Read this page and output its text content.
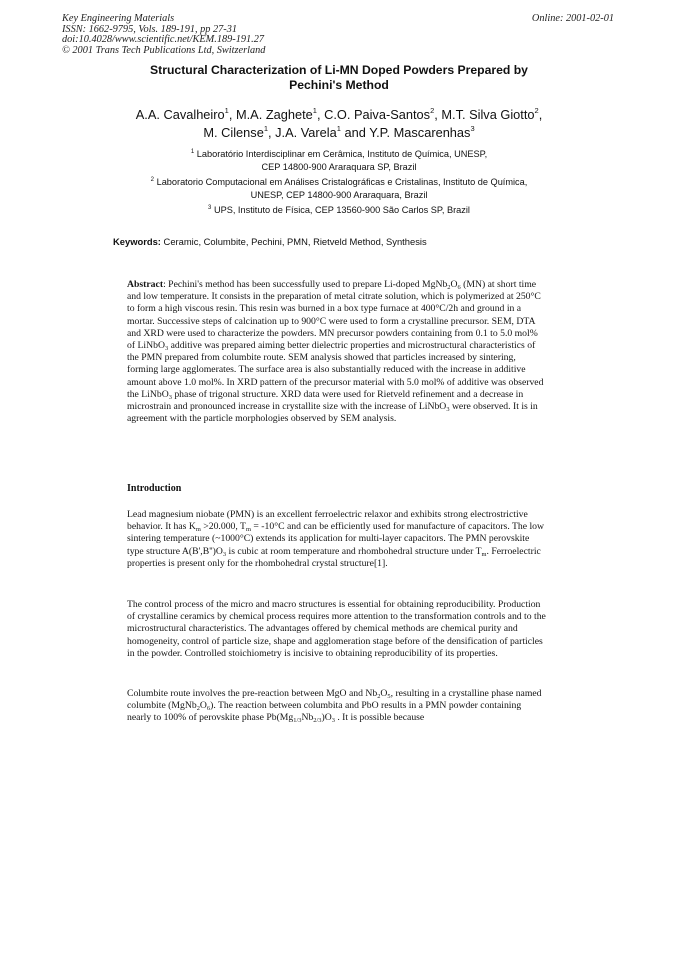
Key Engineering Materials
ISSN: 1662-9795, Vols. 189-191, pp 27-31
doi:10.4028/www.scientific.net/KEM.189-191.27
© 2001 Trans Tech Publications Ltd, Switzerland
Online: 2001-02-01
Structural Characterization of Li-MN Doped Powders Prepared by
Pechini's Method
A.A. Cavalheiro$^1$, M.A. Zaghete$^1$, C.O. Paiva-Santos$^2$, M.T. Silva Giotto$^2$,
M. Cilense$^1$, J.A. Varela$^1$ and Y.P. Mascarenhas$^3$
$^1$ Laboratório Interdisciplinar em Cerâmica, Instituto de Química, UNESP,
CEP 14800-900 Araraquara SP, Brazil
$^2$ Laboratorio Computacional em Análises Cristalográficas e Cristalinas, Instituto de Química,
UNESP, CEP 14800-900 Araraquara, Brazil
$^3$ UPS, Instituto de Física, CEP 13560-900 São Carlos SP, Brazil
Keywords: Ceramic, Columbite, Pechini, PMN, Rietveld Method, Synthesis
Abstract: Pechini's method has been successfully used to prepare Li-doped $MgNb_2O_6$ (MN) at short time and low temperature. It consists in the preparation of metal citrate solution, which is polymerized at 250°C to form a high viscous resin. This resin was burned in a box type furnace at 400°C/2h and ground in a mortar. Successive steps of calcination up to 900°C were used to form a crystalline precursor. SEM, DTA and XRD were used to characterize the powders. MN precursor powders containing from 0.1 to 5.0 mol% of LiNbO$_3$ additive was prepared aiming better dielectric properties and microstructural characteristics of the PMN prepared from columbite route. SEM analysis showed that particles increased by sintering, forming large agglomerates. The surface area is also substantially reduced with the increase in additive amount above 1.0 mol%. In XRD pattern of the precursor material with 5.0 mol% of additive was observed the LiNbO$_3$ phase of trigonal structure. XRD data were used for Rietveld refinement and a decrease in microstrain and pronounced increase in crystallite size with the increase of LiNbO$_3$ were observed. It is in agreement with the particle morphologies observed by SEM analysis.
Introduction
Lead magnesium niobate (PMN) is an excellent ferroelectric relaxor and exhibits strong electrostrictive behavior. It has $K_m >20.000$, $T_m = -10^\circ C$ and can be efficiently used for manufacture of capacitors. The low sintering temperature (~1000°C) extends its application for multi-layer capacitors. The PMN perovskite type structure $A(B',B'')O_3$ is cubic at room temperature and rhombohedral structure under $T_m$. Ferroelectric properties is present only for the rhombohedral crystal structure[1].
The control process of the micro and macro structures is essential for obtaining reproducibility. Production of crystalline ceramics by chemical process requires more attention to the transformation controls and to the microstructural characteristics. The advantages offered by chemical methods are chemical purity and homogeneity, control of particle size, shape and agglomeration stage before of the densification of particles in the powder. Controlled stoichiometry is incisive to obtaining reproducibility of its properties.
Columbite route involves the pre-reaction between MgO and $Nb_2O_5$, resulting in a crystalline phase named columbite $(MgNb_2O_6)$. The reaction between columbita and PbO results in a PMN powder containing nearly to 100% of perovskite phase $Pb(Mg_{1/3}Nb_{2/3})O_3$ . It is possible because
